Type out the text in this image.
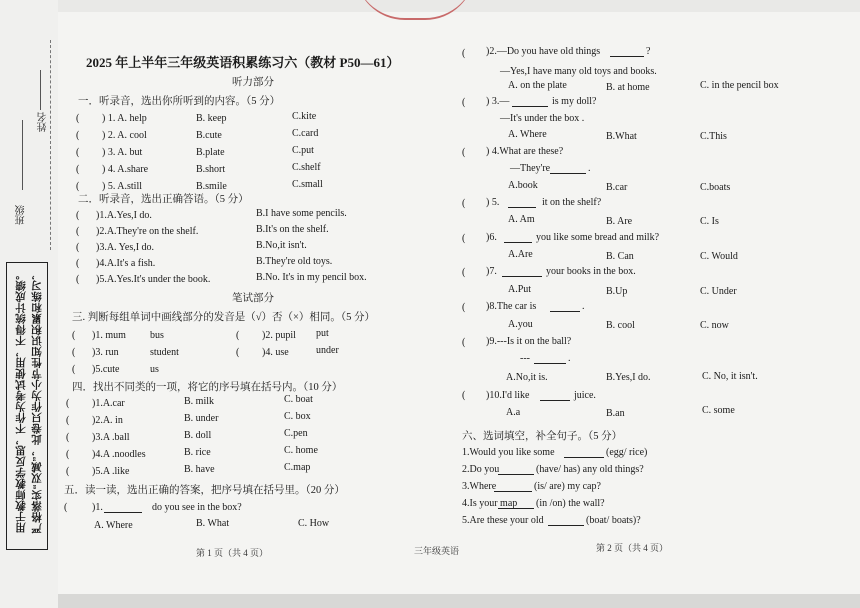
姓名
班级
严格落实“双减”，此卷只作为小节性知识积累和练习，
用于教师教学反思，不作为考试使用，不得统计成绩。
2025 年上半年三年级英语积累练习六（教材 P50—61）
听力部分
一．听录音，选出你所听到的内容。（5 分）
( ) 1. A. help	B. keep	C.kite
( ) 2. A. cool	B.cute	C.card
( ) 3. A. but	B.plate	C.put
( ) 4. A.share	B.short	C.shelf
( ) 5. A.still	B.smile	C.small
二．听录音，选出正确答语。（5 分）
( )1.A.Yes,I do.	B.I have some pencils.
( )2.A.They're on the shelf.	B.It's on the shelf.
( )3.A. Yes,I do.	B.No,it isn't.
( )4.A.It's a fish.	B.They're old toys.
( )5.A.Yes.It's under the book.	B.No. It's in my pencil box.
笔试部分
三. 判断每组单词中画线部分的发音是（√）否（×）相同。（5 分）
( )1. mum bus	( )2. pupil put
( )3. run	student	( )4. use	under
( )5.cute	us
四．找出不同类的一项，将它的序号填在括号内。（10 分）
( )1.A.car	B. milk	C. boat
( )2.A. in	B. under	C. box
( )3.A .ball	B. doll	C.pen
( )4.A .noodles	B. rice	C. home
( )5.A .like	B. have	C.map
五．读一读，选出正确的答案，把序号填在括号里。（20 分）
( )1.	do you see in the box?
A. Where	B. What	C. How
( )2.—Do you have old things	?
—Yes,I have many old toys and books.
A. on the plate	B. at home	C. in the pencil box
( ) 3.—	is my doll?
—It's under the box .
A. Where	B.What	C.This
( ) 4.What are these?
—They're	.
A.book	B.car	C.boats
( ) 5.	it on the shelf?
A. Am	B. Are	C. Is
( )6.	you like some bread and milk?
A.Are	B. Can	C. Would
( )7.	your books in the box.
A.Put	B.Up	C. Under
( )8.The car is	.
A.you	B. cool	C. now
( )9.---Is it on the ball?
---	.
A.No,it is.	B.Yes,I do.	C. No, it isn't.
( )10.I'd like	juice.
A.a	B.an	C. some
六、选词填空，补全句子。（5 分）
1.Would you like some	(egg/ rice)
2.Do you	(have/ has) any old things?
3.Where	(is/ are) my cap?
4.Is your map (in /on) the wall?
5.Are these your old	(boat/ boats)?
第 1 页（共 4 页）	三年级英语	第 2 页（共 4 页）
